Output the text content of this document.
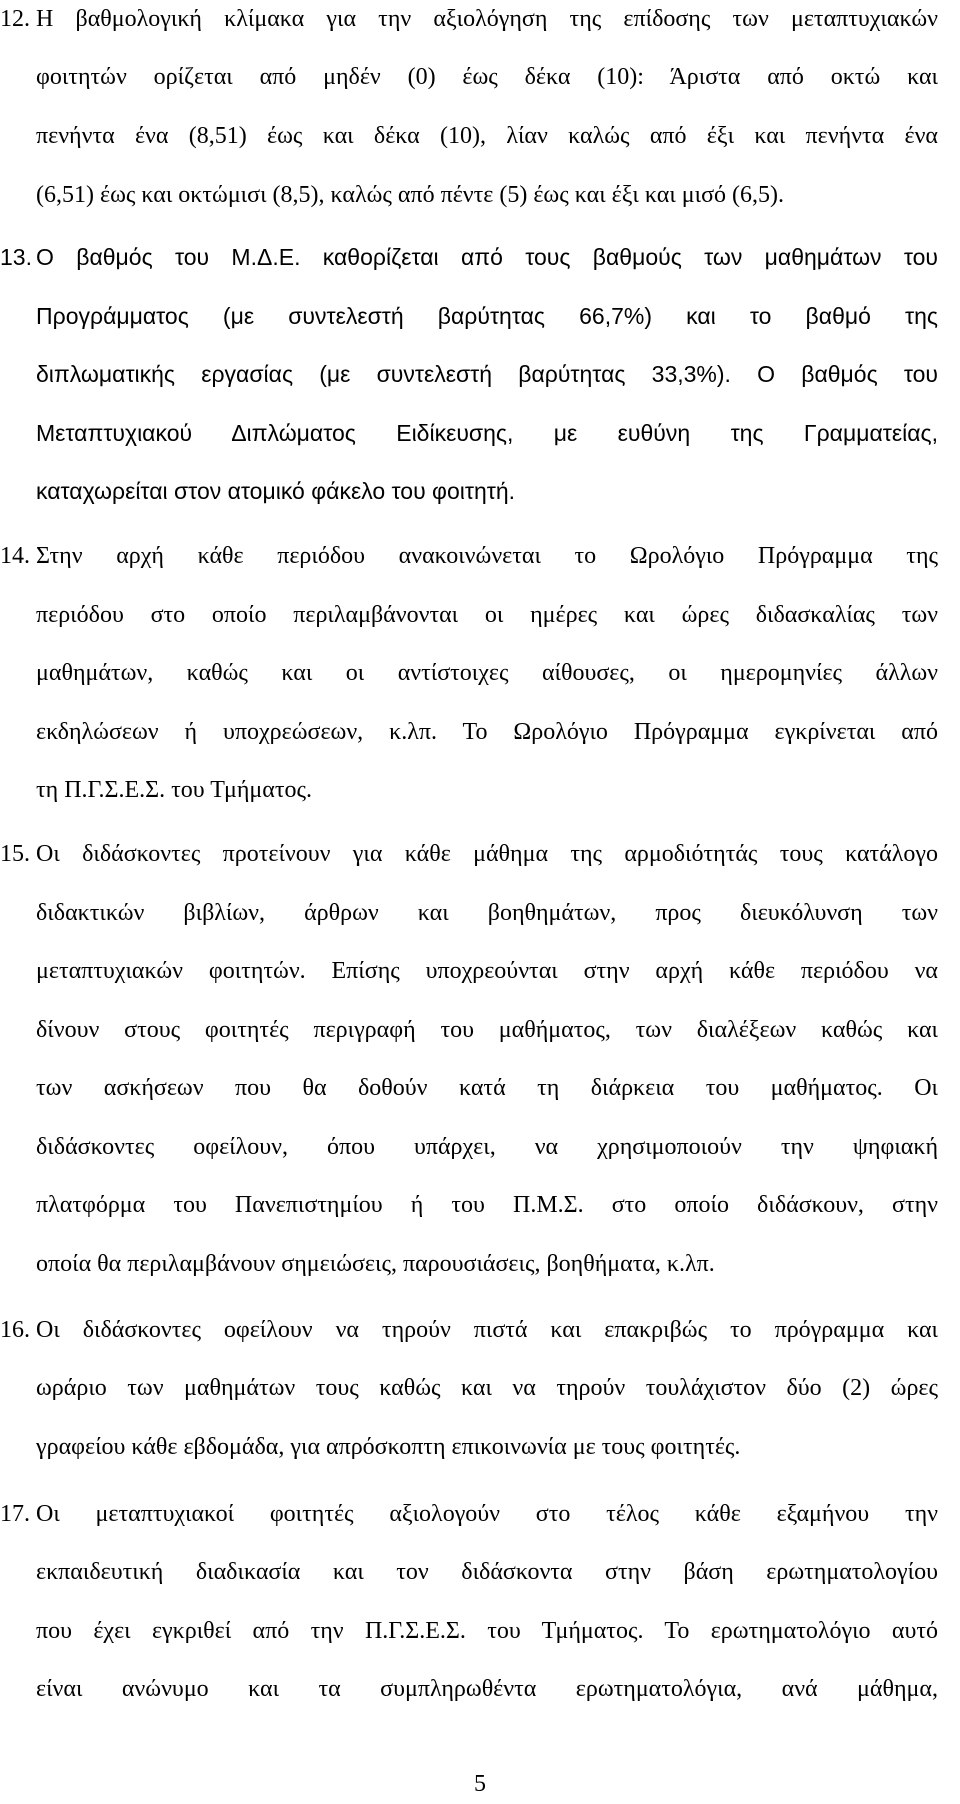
12. Η βαθμολογική κλίμακα για την αξιολόγηση της επίδοσης των μεταπτυχιακών
φοιτητών ορίζεται από μηδέν (0) έως δέκα (10): Άριστα από οκτώ και
πενήντα ένα (8,51) έως και δέκα (10), λίαν καλώς από έξι και πενήντα ένα
(6,51) έως και οκτώμισι (8,5), καλώς από πέντε (5) έως και έξι και μισό (6,5).
13. Ο βαθμός του Μ.Δ.Ε. καθορίζεται από τους βαθμούς των μαθημάτων του
Προγράμματος (με συντελεστή βαρύτητας 66,7%) και το βαθμό της
διπλωματικής εργασίας (με συντελεστή βαρύτητας 33,3%). Ο βαθμός του
Μεταπτυχιακού Διπλώματος Ειδίκευσης, με ευθύνη της Γραμματείας,
καταχωρείται στον ατομικό φάκελο του φοιτητή.
14. Στην αρχή κάθε περιόδου ανακοινώνεται το Ωρολόγιο Πρόγραμμα της
περιόδου στο οποίο περιλαμβάνονται οι ημέρες και ώρες διδασκαλίας των
μαθημάτων, καθώς και οι αντίστοιχες αίθουσες, οι ημερομηνίες άλλων
εκδηλώσεων ή υποχρεώσεων, κ.λπ. Το Ωρολόγιο Πρόγραμμα εγκρίνεται από
τη Π.Γ.Σ.Ε.Σ. του Τμήματος.
15. Οι διδάσκοντες προτείνουν για κάθε μάθημα της αρμοδιότητάς τους κατάλογο
διδακτικών βιβλίων, άρθρων και βοηθημάτων, προς διευκόλυνση των
μεταπτυχιακών φοιτητών. Επίσης υποχρεούνται στην αρχή κάθε περιόδου να
δίνουν στους φοιτητές περιγραφή του μαθήματος, των διαλέξεων καθώς και
των ασκήσεων που θα δοθούν κατά τη διάρκεια του μαθήματος. Οι
διδάσκοντες οφείλουν, όπου υπάρχει, να χρησιμοποιούν την ψηφιακή
πλατφόρμα του Πανεπιστημίου ή του Π.Μ.Σ. στο οποίο διδάσκουν, στην
οποία θα περιλαμβάνουν σημειώσεις, παρουσιάσεις, βοηθήματα, κ.λπ.
16. Οι διδάσκοντες οφείλουν να τηρούν πιστά και επακριβώς το πρόγραμμα και
ωράριο των μαθημάτων τους καθώς και να τηρούν τουλάχιστον δύο (2) ώρες
γραφείου κάθε εβδομάδα, για απρόσκοπτη επικοινωνία με τους φοιτητές.
17. Οι μεταπτυχιακοί φοιτητές αξιολογούν στο τέλος κάθε εξαμήνου την
εκπαιδευτική διαδικασία και τον διδάσκοντα στην βάση ερωτηματολογίου
που έχει εγκριθεί από την Π.Γ.Σ.Ε.Σ. του Τμήματος. Το ερωτηματολόγιο αυτό
είναι ανώνυμο και τα συμπληρωθέντα ερωτηματολόγια, ανά μάθημα,
5
